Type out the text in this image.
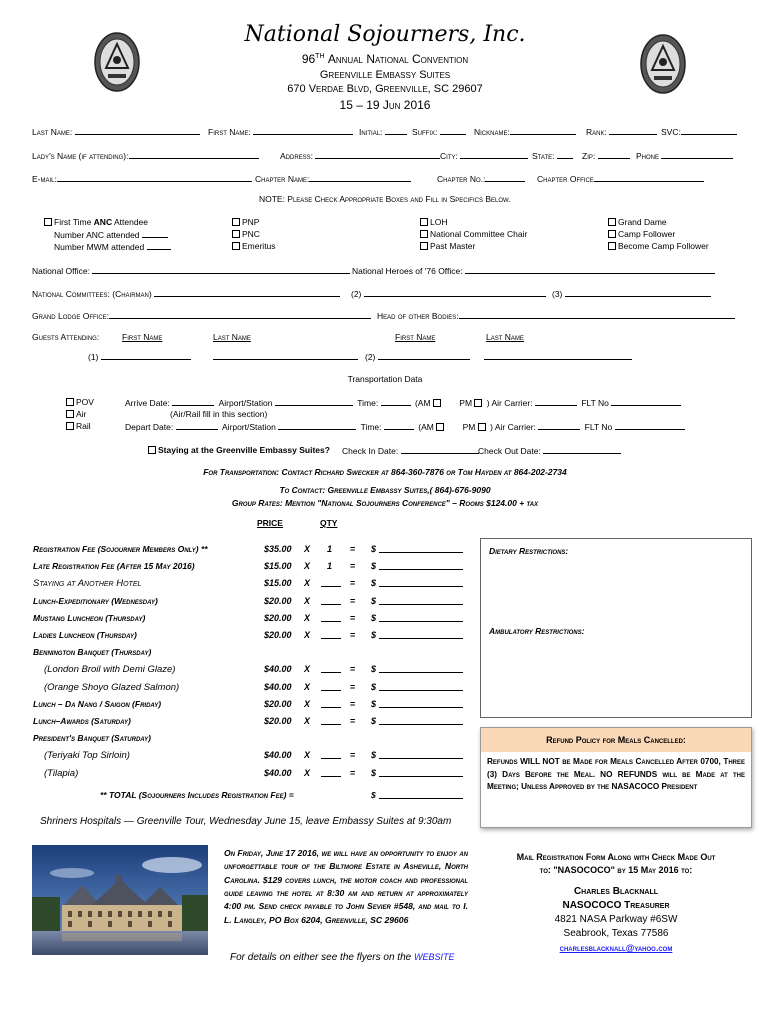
National Sojourners, Inc.
96TH Annual National Convention
Greenville Embassy Suites
670 Verdae Blvd, Greenville, SC 29607
15 – 19 Jun 2016
Last Name:	First Name:	Initial:	Suffix:	Nickname:	Rank:	SVC:
Lady's Name (if attending):	Address:	City:	State:	Zip:	Phone
E-mail:	Chapter Name:	Chapter No.:	Chapter Office
NOTE: Please Check Appropriate Boxes and Fill in Specifics Below.
First Time ANC Attendee
Number ANC attended
Number MWM attended
PNP
PNC
Emeritus
LOH
National Committee Chair
Past Master
Grand Dame
Camp Follower
Become Camp Follower
National Office:	National Heroes of '76 Office:
National Committees: (Chairman)	(2)	(3)
Grand Lodge Office:	Head of other Bodies:
Guests Attending:	First Name	Last Name	First Name	Last Name
(1)	(2)
Transportation Data
POV
Air
Rail
Arrive Date:	Airport/Station	Time:	(AM	PM ) Air Carrier:	FLT No
(Air/Rail fill in this section)
Depart Date:	Airport/Station	Time:	(AM	PM ) Air Carrier:	FLT No
Staying at the Greenville Embassy Suites? Check In Date:	Check Out Date:
For Transportation: Contact Richard Swecker at 864-360-7876 or Tom Hayden at 864-202-2734
To Contact: Greenville Embassy Suites,( 864)-676-9090
Group Rates: Mention "National Sojourners Conference" – Rooms $124.00 + tax
PRICE	QTY
Registration Fee (Sojourner Members Only) **	$35.00 X 1 = $
Late Registration Fee (After 15 May 2016)	$15.00 X 1 = $
Staying at Another Hotel	$15.00 X	= $
Lunch-Expeditionary (Wednesday)	$20.00 X	= $
Mustang Luncheon (Thursday)	$20.00 X	= $
Ladies Luncheon (Thursday)	$20.00 X	= $
Bennington Banquet (Thursday)
(London Broil with Demi Glaze)	$40.00 X	= $
(Orange Shoyo Glazed Salmon)	$40.00 X	= $
Lunch – Da Nang / Saigon (Friday)	$20.00 X	= $
Lunch–Awards (Saturday)	$20.00 X	= $
President's Banquet (Saturday)
(Teriyaki Top Sirloin)	$40.00 X	= $
(Tilapia)	$40.00 X	= $
** TOTAL (Sojourners Includes Registration Fee) =	$
Dietary Restrictions:
Ambulatory Restrictions:
Refund Policy for Meals Cancelled:
Refunds WILL NOT be Made for Meals Cancelled After 0700, Three (3) Days Before the Meal. NO REFUNDS will be Made at the Meeting; Unless Approved by the NASACOCO President
Shriners Hospitals — Greenville Tour, Wednesday June 15, leave Embassy Suites at 9:30am
On Friday, June 17 2016, we will have an opportunity to enjoy an unforgettable tour of the Biltmore Estate in Asheville, North Carolina. $129 covers lunch, the motor coach and professional guide leaving the hotel at 8:30 am and return at approximately 4:00 pm. Send check payable to John Sevier #548, and mail to I. L. Langley, PO Box 6204, Greenville, SC 29606
For details on either see the flyers on the WEBSITE
Mail Registration Form Along with Check Made Out
to: "NASOCOCO" by 15 May 2016 to:
Charles Blacknall
NASOCOCO Treasurer
4821 NASA Parkway #6SW
Seabrook, Texas 77586
charlesblacknall@yahoo.com
